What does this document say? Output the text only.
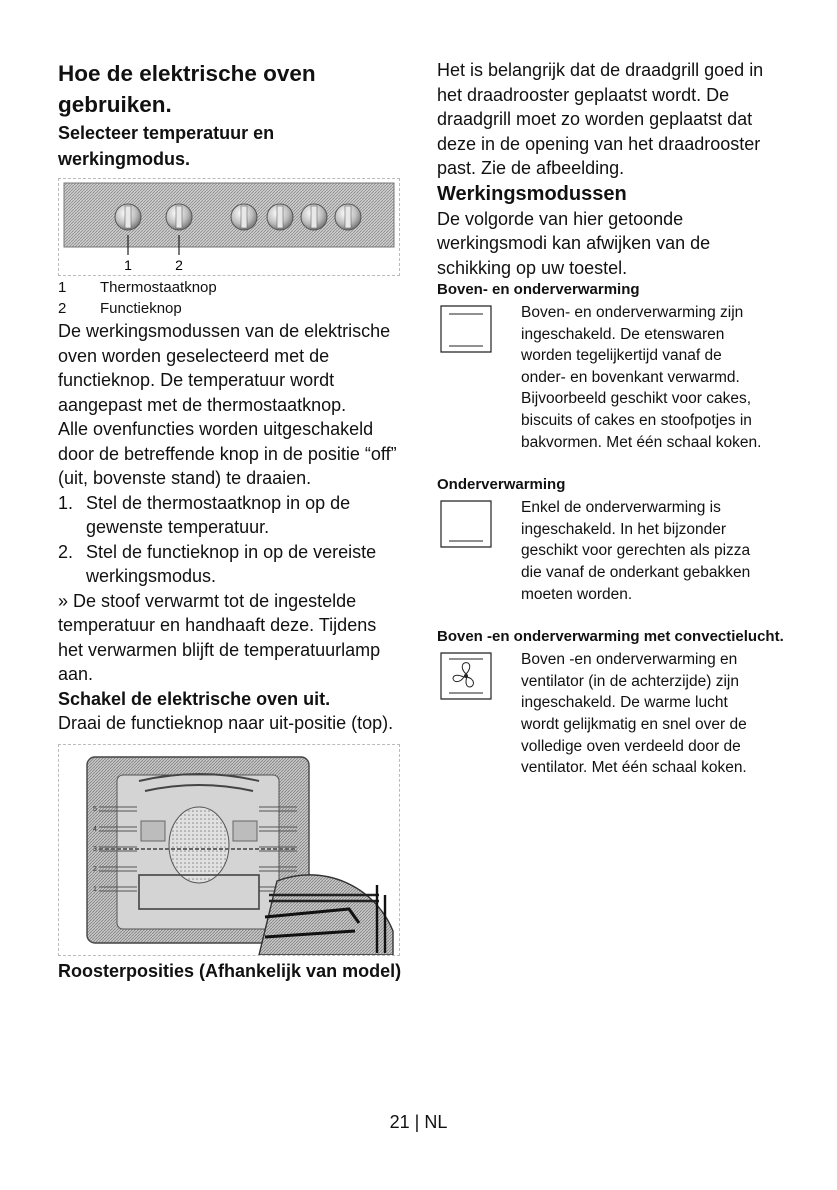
Hoe de elektrische oven gebruiken.

Selecteer temperatuur en werkingmodus.

1	2
1	Thermostaatknop
2	Functieknop

De werkingsmodussen van de elektrische oven worden geselecteerd met de functieknop. De temperatuur wordt aangepast met de thermostaatknop.

Alle ovenfuncties worden uitgeschakeld door de betreffende knop in de positie “off” (uit, bovenste stand) te draaien.

1. Stel de thermostaatknop in op de gewenste temperatuur.
2. Stel de functieknop in op de vereiste werkingsmodus.

» De stoof verwarmt tot de ingestelde temperatuur en handhaaft deze. Tijdens het verwarmen blijft de temperatuurlamp aan.

Schakel de elektrische oven uit.

Draai de functieknop naar uit-positie (top).

5
4
3
2
1

Roosterposities (Afhankelijk van model)

Het is belangrijk dat de draadgrill goed in het draadrooster geplaatst wordt. De draadgrill moet zo worden geplaatst dat deze in de opening van het draadrooster past. Zie de afbeelding.

Werkingsmodussen

De volgorde van hier getoonde werkingsmodi kan afwijken van de schikking op uw toestel.

Boven- en onderverwarming

Boven- en onderverwarming zijn ingeschakeld. De etenswaren worden tegelijkertijd vanaf de onder- en bovenkant verwarmd. Bijvoorbeeld geschikt voor cakes, biscuits of cakes en stoofpotjes in bakvormen. Met één schaal koken.

Onderverwarming

Enkel de onderverwarming is ingeschakeld. In het bijzonder geschikt voor gerechten als pizza die vanaf de onderkant gebakken moeten worden.

Boven -en onderverwarming met convectielucht.

Boven -en onderverwarming en ventilator (in de achterzijde) zijn ingeschakeld. De warme lucht wordt gelijkmatig en snel over de volledige oven verdeeld door de ventilator. Met één schaal koken.

21 | NL
